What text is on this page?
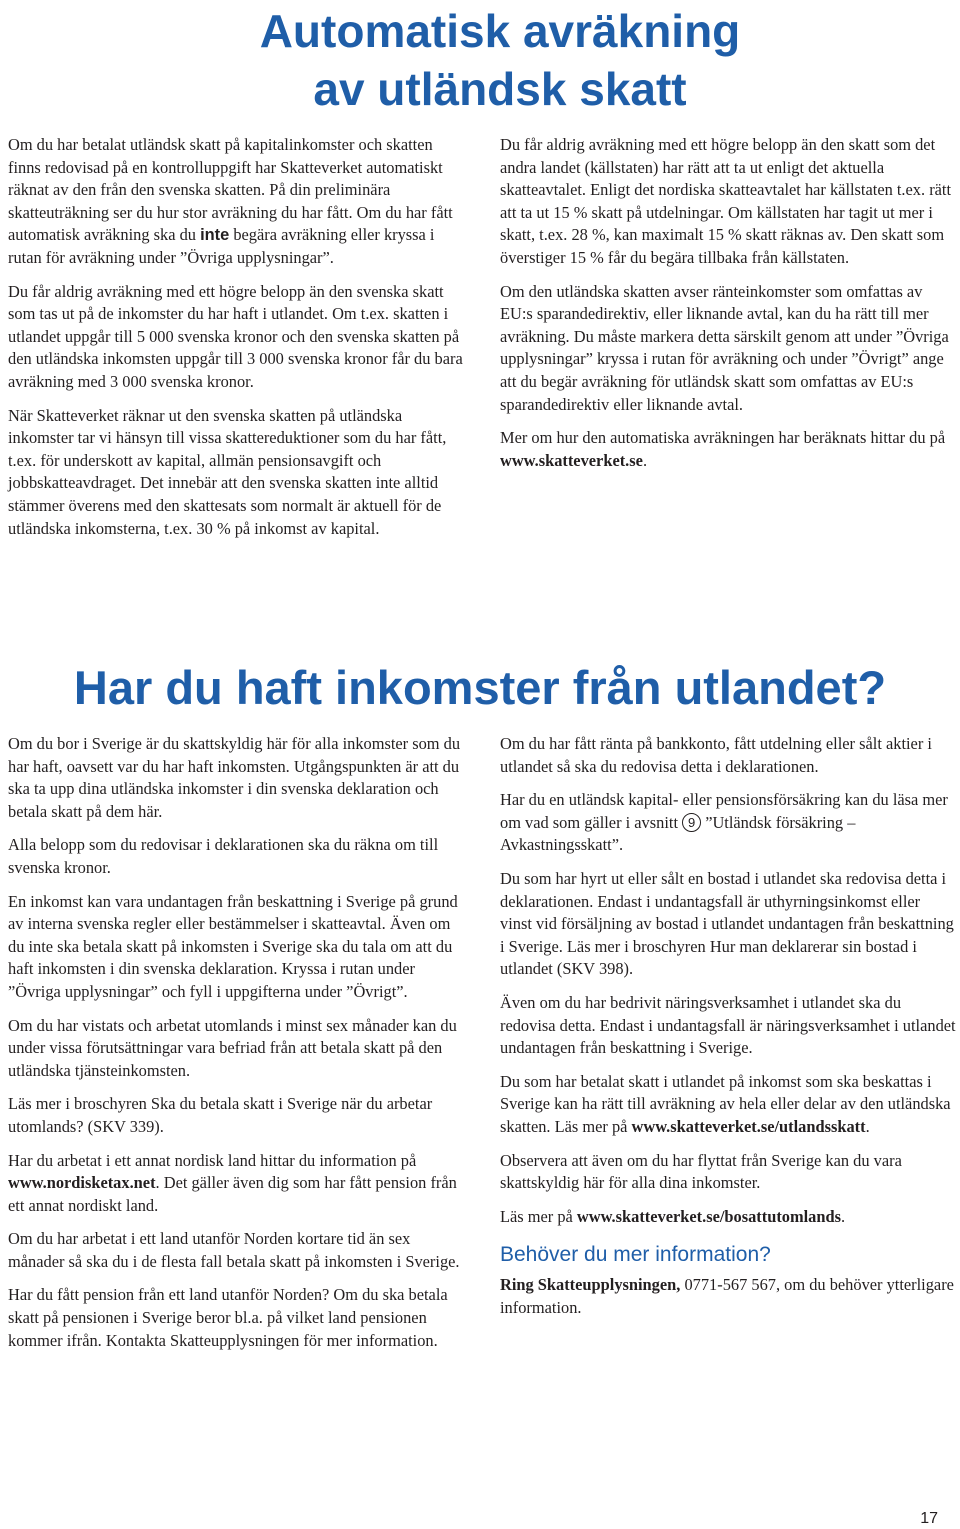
Automatisk avräkning
av utländsk skatt

Om du har betalat utländsk skatt på kapitalinkomster och skatten finns redovisad på en kontrolluppgift har Skatteverket automatiskt räknat av den från den svenska skatten. På din preliminära skatteuträkning ser du hur stor avräkning du har fått. Om du har fått automatisk avräkning ska du inte begära avräkning eller kryssa i rutan för avräkning under ”Övriga upplysningar”.

Du får aldrig avräkning med ett högre belopp än den svenska skatt som tas ut på de inkomster du har haft i utlandet. Om t.ex. skatten i utlandet uppgår till 5 000 svenska kronor och den svenska skatten på den utländska inkomsten uppgår till 3 000 svenska kronor får du bara avräkning med 3 000 svenska kronor.

När Skatteverket räknar ut den svenska skatten på utländska inkomster tar vi hänsyn till vissa skattereduktioner som du har fått, t.ex. för underskott av kapital, allmän pensionsavgift och jobbskatteavdraget. Det innebär att den svenska skatten inte alltid stämmer överens med den skattesats som normalt är aktuell för de utländska inkomsterna, t.ex. 30 % på inkomst av kapital.

Du får aldrig avräkning med ett högre belopp än den skatt som det andra landet (källstaten) har rätt att ta ut enligt det aktuella skatteavtalet. Enligt det nordiska skatteavtalet har källstaten t.ex. rätt att ta ut 15 % skatt på utdelningar. Om källstaten har tagit ut mer i skatt, t.ex. 28 %, kan maximalt 15 % skatt räknas av. Den skatt som överstiger 15 % får du begära tillbaka från källstaten.

Om den utländska skatten avser ränteinkomster som omfattas av EU:s sparandedirektiv, eller liknande avtal, kan du ha rätt till mer avräkning. Du måste markera detta särskilt genom att under ”Övriga upplysningar” kryssa i rutan för avräkning och under ”Övrigt” ange att du begär avräkning för utländsk skatt som omfattas av EU:s sparandedirektiv eller liknande avtal.

Mer om hur den automatiska avräkningen har beräknats hittar du på www.skatteverket.se.

Har du haft inkomster från utlandet?

Om du bor i Sverige är du skattskyldig här för alla inkomster som du har haft, oavsett var du har haft inkomsten. Utgångspunkten är att du ska ta upp dina utländska inkomster i din svenska deklaration och betala skatt på dem här.

Alla belopp som du redovisar i deklarationen ska du räkna om till svenska kronor.

En inkomst kan vara undantagen från beskattning i Sverige på grund av interna svenska regler eller bestämmelser i skatteavtal. Även om du inte ska betala skatt på inkomsten i Sverige ska du tala om att du haft inkomsten i din svenska deklaration. Kryssa i rutan under ”Övriga upplysningar” och fyll i uppgifterna under ”Övrigt”.

Om du har vistats och arbetat utomlands i minst sex månader kan du under vissa förutsättningar vara befriad från att betala skatt på den utländska tjänsteinkomsten.

Läs mer i broschyren Ska du betala skatt i Sverige när du arbetar utomlands? (SKV 339).

Har du arbetat i ett annat nordisk land hittar du information på www.nordisketax.net. Det gäller även dig som har fått pension från ett annat nordiskt land.

Om du har arbetat i ett land utanför Norden kortare tid än sex månader så ska du i de flesta fall betala skatt på inkomsten i Sverige.

Har du fått pension från ett land utanför Norden? Om du ska betala skatt på pensionen i Sverige beror bl.a. på vilket land pensionen kommer ifrån. Kontakta Skatteupplysningen för mer information.

Om du har fått ränta på bankkonto, fått utdelning eller sålt aktier i utlandet så ska du redovisa detta i deklarationen.

Har du en utländsk kapital- eller pensionsförsäkring kan du läsa mer om vad som gäller i avsnitt 9 ”Utländsk försäkring – Avkastningsskatt”.

Du som har hyrt ut eller sålt en bostad i utlandet ska redovisa detta i deklarationen. Endast i undantagsfall är uthyrningsinkomst eller vinst vid försäljning av bostad i utlandet undantagen från beskattning i Sverige. Läs mer i broschyren Hur man deklarerar sin bostad i utlandet (SKV 398).

Även om du har bedrivit näringsverksamhet i utlandet ska du redovisa detta. Endast i undantagsfall är näringsverksamhet i utlandet undantagen från beskattning i Sverige.

Du som har betalat skatt i utlandet på inkomst som ska beskattas i Sverige kan ha rätt till avräkning av hela eller delar av den utländska skatten. Läs mer på www.skatteverket.se/utlandsskatt.

Observera att även om du har flyttat från Sverige kan du vara skattskyldig här för alla dina inkomster.

Läs mer på www.skatteverket.se/bosattutomlands.

Behöver du mer information?

Ring Skatteupplysningen, 0771-567 567, om du behöver ytterligare information.

17
